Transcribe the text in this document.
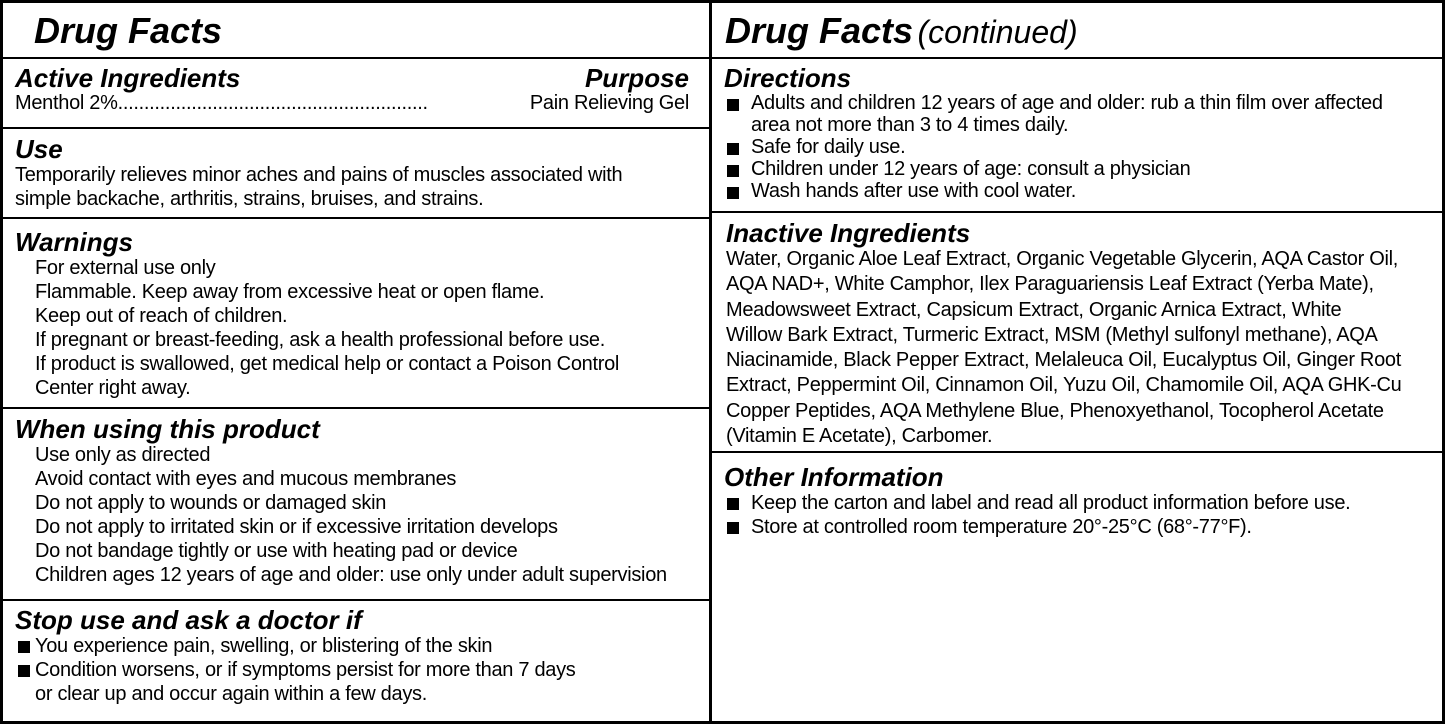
Drug Facts
Active Ingredients	Purpose
Menthol 2% ...........................................................	Pain Relieving Gel
Use
Temporarily relieves minor aches and pains of muscles associated with
simple backache, arthritis, strains, bruises, and strains.
Warnings
For external use only
Flammable. Keep away from excessive heat or open flame.
Keep out of reach of children.
If pregnant or breast-feeding, ask a health professional before use.
If product is swallowed, get medical help or contact a Poison Control
Center right away.
When using this product
Use only as directed
Avoid contact with eyes and mucous membranes
Do not apply to wounds or damaged skin
Do not apply to irritated skin or if excessive irritation develops
Do not bandage tightly or use with heating pad or device
Children ages 12 years of age and older: use only under adult supervision
Stop use and ask a doctor if
You experience pain, swelling, or blistering of the skin
Condition worsens, or if symptoms persist for more than 7 days
or clear up and occur again within a few days.
Drug Facts (continued)
Directions
Adults and children 12 years of age and older: rub a thin film over affected
area not more than 3 to 4 times daily.
Safe for daily use.
Children under 12 years of age: consult a physician
Wash hands after use with cool water.
Inactive Ingredients
Water, Organic Aloe Leaf Extract, Organic Vegetable Glycerin, AQA Castor Oil,
AQA NAD+, White Camphor, Ilex Paraguariensis Leaf Extract (Yerba Mate),
Meadowsweet Extract, Capsicum Extract, Organic Arnica Extract, White
Willow Bark Extract, Turmeric Extract, MSM (Methyl sulfonyl methane), AQA
Niacinamide, Black Pepper Extract, Melaleuca Oil, Eucalyptus Oil, Ginger Root
Extract, Peppermint Oil, Cinnamon Oil, Yuzu Oil, Chamomile Oil, AQA GHK-Cu
Copper Peptides, AQA Methylene Blue, Phenoxyethanol, Tocopherol Acetate
(Vitamin E Acetate), Carbomer.
Other Information
Keep the carton and label and read all product information before use.
Store at controlled room temperature 20°-25°C (68°-77°F).
